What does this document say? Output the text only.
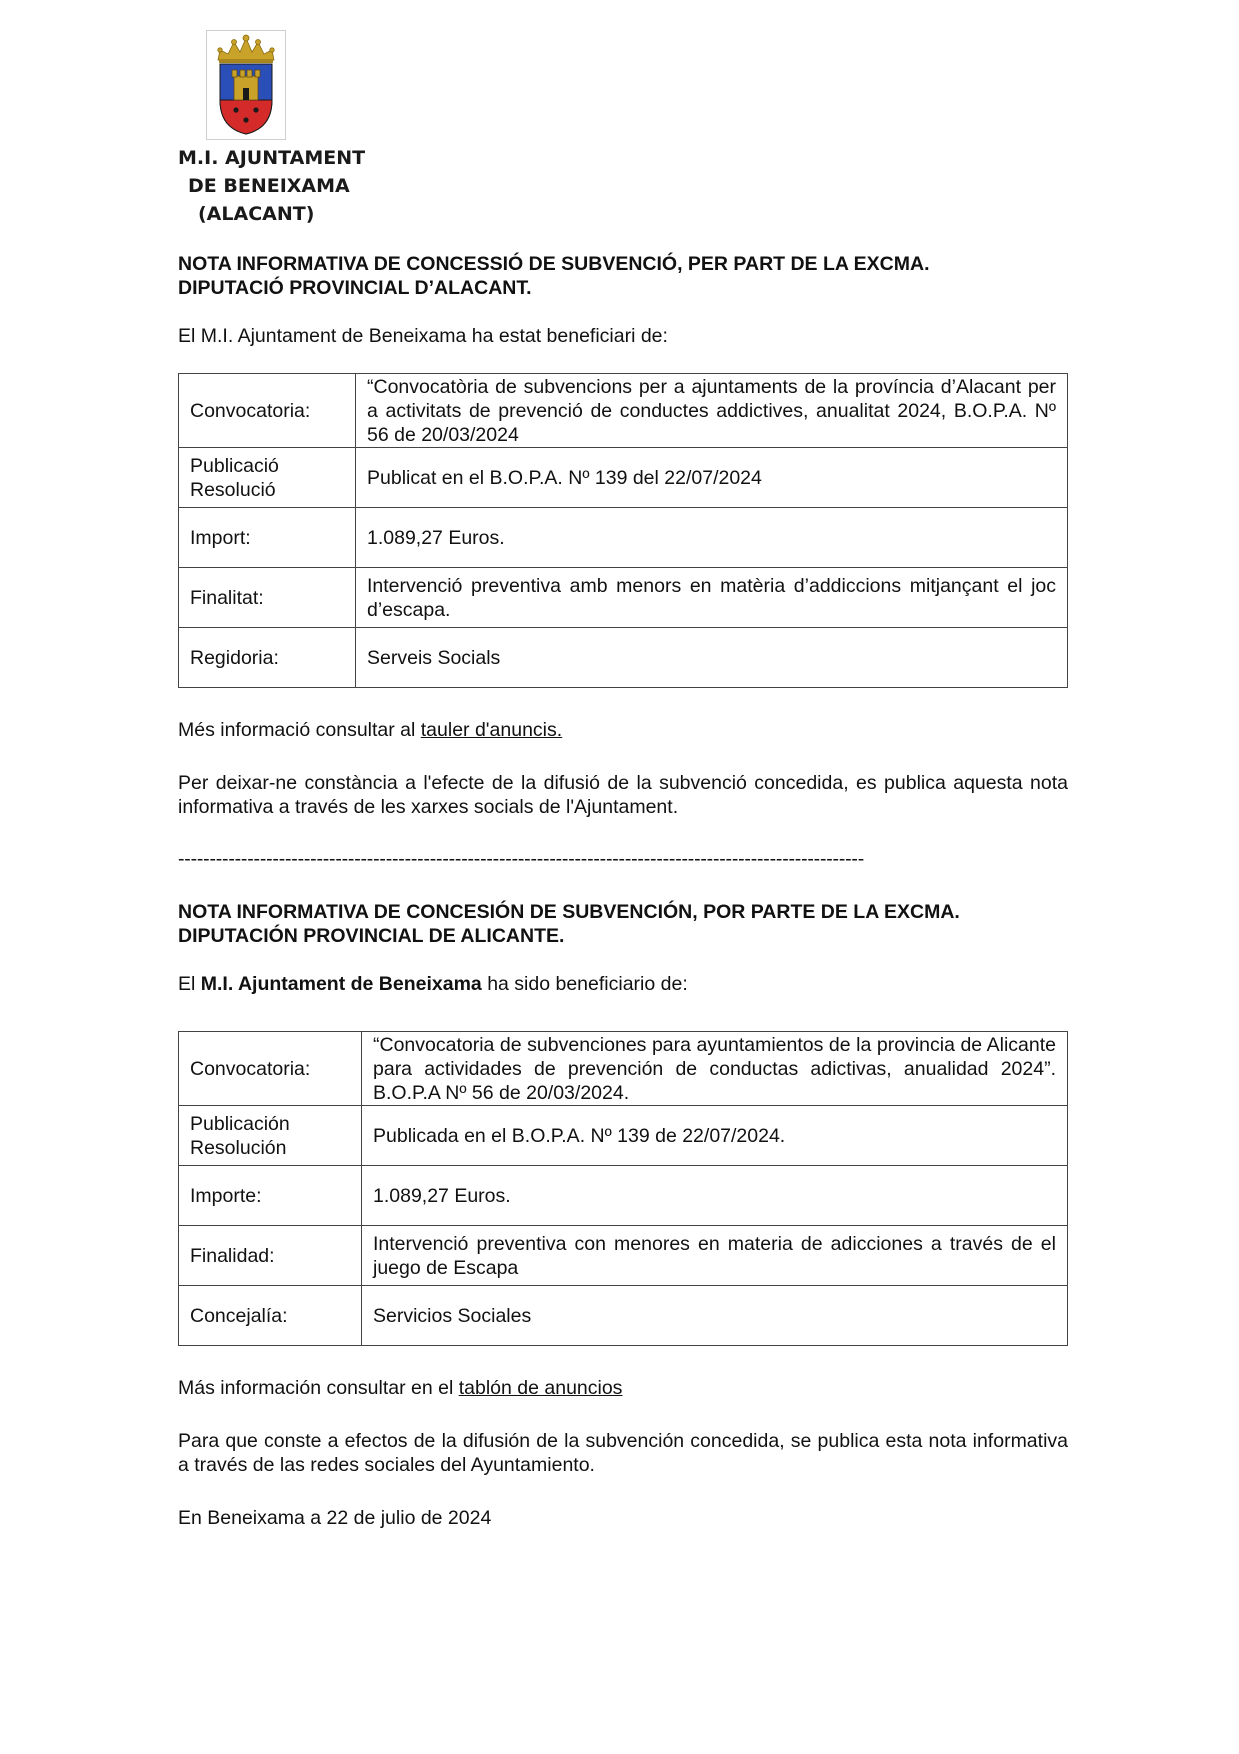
M.I. AJUNTAMENT
DE BENEIXAMA
(ALACANT)

NOTA INFORMATIVA DE CONCESSIÓ DE SUBVENCIÓ, PER PART DE LA EXCMA.

DIPUTACIÓ PROVINCIAL D’ALACANT.

El M.I. Ajuntament de Beneixama ha estat beneficiari de:

Convocatoria:	“Convocatòria de subvencions per a ajuntaments de la província d’Alacant per a activitats de prevenció de conductes addictives, anualitat 2024, B.O.P.A. Nº 56 de 20/03/2024
Publicació Resolució	Publicat en el B.O.P.A. Nº 139 del 22/07/2024
Import:	1.089,27 Euros.
Finalitat:	Intervenció preventiva amb menors en matèria d’addiccions mitjançant el joc d’escapa.
Regidoria:	Serveis Socials

Més informació consultar al tauler d'anuncis.

Per deixar-ne constància a l'efecte de la difusió de la subvenció concedida, es publica aquesta nota informativa a través de les xarxes socials de l'Ajuntament.

-------------------------------------------------------------------------------------------------------------

NOTA INFORMATIVA DE CONCESIÓN DE SUBVENCIÓN, POR PARTE DE LA EXCMA.

DIPUTACIÓN PROVINCIAL DE ALICANTE.

El M.I. Ajuntament de Beneixama ha sido beneficiario de:

Convocatoria:	“Convocatoria de subvenciones para ayuntamientos de la provincia de Alicante para actividades de prevención de conductas adictivas, anualidad 2024”. B.O.P.A Nº 56 de 20/03/2024.
Publicación Resolución	Publicada en el B.O.P.A. Nº 139 de 22/07/2024.
Importe:	1.089,27 Euros.
Finalidad:	Intervenció preventiva con menores en materia de adicciones a través de el juego de Escapa
Concejalía:	Servicios Sociales

Más información consultar en el tablón de anuncios

Para que conste a efectos de la difusión de la subvención concedida, se publica esta nota informativa a través de las redes sociales del Ayuntamiento.

En Beneixama a 22 de julio de 2024
